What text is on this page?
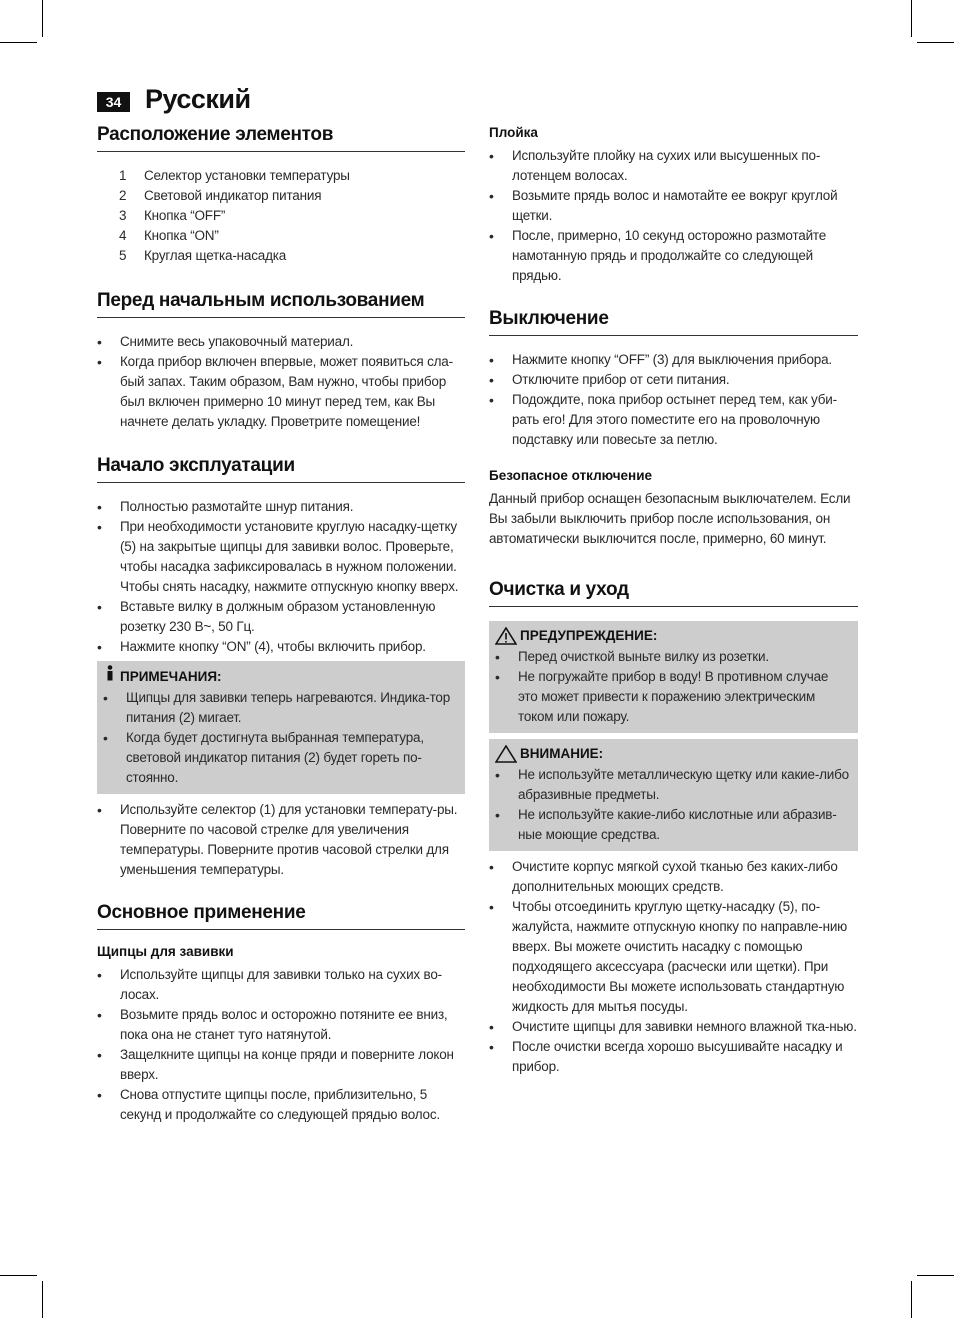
34 Русский
Расположение элементов
1	Селектор установки температуры
2	Световой индикатор питания
3	Кнопка “OFF”
4	Кнопка “ON”
5	Круглая щетка-насадка
Перед начальным использованием
• Снимите весь упаковочный материал.
• Когда прибор включен впервые, может появиться сла-бый запах. Таким образом, Вам нужно, чтобы прибор был включен примерно 10 минут перед тем, как Вы начнете делать укладку. Проветрите помещение!
Начало эксплуатации
• Полностью размотайте шнур питания.
• При необходимости установите круглую насадку-щетку (5) на закрытые щипцы для завивки волос. Проверьте, чтобы насадка зафиксировалась в нужном положении. Чтобы снять насадку, нажмите отпускную кнопку вверх.
• Вставьте вилку в должным образом установленную розетку 230 В~, 50 Гц.
• Нажмите кнопку “ON” (4), чтобы включить прибор.
ПРИМЕЧАНИЯ:
• Щипцы для завивки теперь нагреваются. Индика-тор питания (2) мигает.
• Когда будет достигнута выбранная температура, световой индикатор питания (2) будет гореть по-стоянно.
• Используйте селектор (1) для установки температу-ры. Поверните по часовой стрелке для увеличения температуры. Поверните против часовой стрелки для уменьшения температуры.
Основное применение
Щипцы для завивки
• Используйте щипцы для завивки только на сухих во-лосах.
• Возьмите прядь волос и осторожно потяните ее вниз, пока она не станет туго натянутой.
• Защелкните щипцы на конце пряди и поверните локон вверх.
• Снова отпустите щипцы после, приблизительно, 5 секунд и продолжайте со следующей прядью волос.
Плойка
• Используйте плойку на сухих или высушенных по-лотенцем волосах.
• Возьмите прядь волос и намотайте ее вокруг круглой щетки.
• После, примерно, 10 секунд осторожно размотайте намотанную прядь и продолжайте со следующей прядью.
Выключение
• Нажмите кнопку “OFF” (3) для выключения прибора.
• Отключите прибор от сети питания.
• Подождите, пока прибор остынет перед тем, как уби-рать его! Для этого поместите его на проволочную подставку или повесьте за петлю.
Безопасное отключение

Данный прибор оснащен безопасным выключателем. Если Вы забыли выключить прибор после использования, он автоматически выключится после, примерно, 60 минут.

Очистка и уход
ПРЕДУПРЕЖДЕНИЕ:
• Перед очисткой выньте вилку из розетки.
• Не погружайте прибор в воду! В противном случае это может привести к поражению электрическим током или пожару.
ВНИМАНИЕ:
• Не используйте металлическую щетку или какие-либо абразивные предметы.
• Не используйте какие-либо кислотные или абразив-ные моющие средства.
• Очистите корпус мягкой сухой тканью без каких-либо дополнительных моющих средств.
• Чтобы отсоединить круглую щетку-насадку (5), по-жалуйста, нажмите отпускную кнопку по направле-нию вверх. Вы можете очистить насадку с помощью подходящего аксессуара (расчески или щетки). При необходимости Вы можете использовать стандартную жидкость для мытья посуды.
• Очистите щипцы для завивки немного влажной тка-нью.
• После очистки всегда хорошо высушивайте насадку и прибор.
